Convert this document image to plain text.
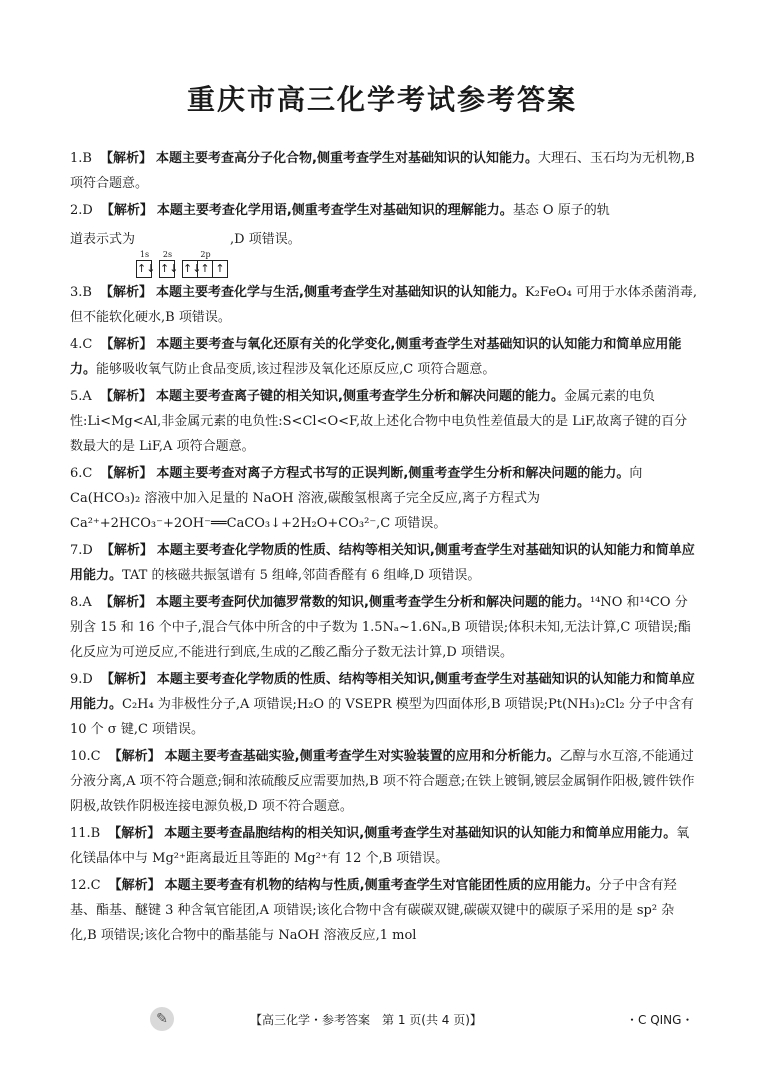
重庆市高三化学考试参考答案
1.B 【解析】 本题主要考查高分子化合物,侧重考查学生对基础知识的认知能力。大理石、玉石均为无机物,B 项符合题意。
2.D 【解析】 本题主要考查化学用语,侧重考查学生对基础知识的理解能力。基态 O 原子的轨
道表示式为
1s
↑↓
2s
↑↓
2p
↑↓
↑ ↑
,D 项错误。
3.B 【解析】 本题主要考查化学与生活,侧重考查学生对基础知识的认知能力。K₂FeO₄ 可用于水体杀菌消毒,但不能软化硬水,B 项错误。
4.C 【解析】 本题主要考查与氧化还原有关的化学变化,侧重考查学生对基础知识的认知能力和简单应用能力。能够吸收氧气防止食品变质,该过程涉及氧化还原反应,C 项符合题意。
5.A 【解析】 本题主要考查离子键的相关知识,侧重考查学生分析和解决问题的能力。金属元素的电负性:Li<Mg<Al,非金属元素的电负性:S<Cl<O<F,故上述化合物中电负性差值最大的是 LiF,故离子键的百分数最大的是 LiF,A 项符合题意。
6.C 【解析】 本题主要考查对离子方程式书写的正误判断,侧重考查学生分析和解决问题的能力。向Ca(HCO₃)₂ 溶液中加入足量的 NaOH 溶液,碳酸氢根离子完全反应,离子方程式为Ca²⁺+2HCO₃⁻+2OH⁻══CaCO₃↓+2H₂O+CO₃²⁻,C 项错误。
7.D 【解析】 本题主要考查化学物质的性质、结构等相关知识,侧重考查学生对基础知识的认知能力和简单应用能力。TAT 的核磁共振氢谱有 5 组峰,邻茴香醛有 6 组峰,D 项错误。
8.A 【解析】 本题主要考查阿伏加德罗常数的知识,侧重考查学生分析和解决问题的能力。¹⁴NO 和¹⁴CO 分别含 15 和 16 个中子,混合气体中所含的中子数为 1.5Nₐ~1.6Nₐ,B 项错误;体积未知,无法计算,C 项错误;酯化反应为可逆反应,不能进行到底,生成的乙酸乙酯分子数无法计算,D 项错误。
9.D 【解析】 本题主要考查化学物质的性质、结构等相关知识,侧重考查学生对基础知识的认知能力和简单应用能力。C₂H₄ 为非极性分子,A 项错误;H₂O 的 VSEPR 模型为四面体形,B 项错误;Pt(NH₃)₂Cl₂ 分子中含有 10 个 σ 键,C 项错误。
10.C 【解析】 本题主要考查基础实验,侧重考查学生对实验装置的应用和分析能力。乙醇与水互溶,不能通过分液分离,A 项不符合题意;铜和浓硫酸反应需要加热,B 项不符合题意;在铁上镀铜,镀层金属铜作阳极,镀件铁作阴极,故铁作阴极连接电源负极,D 项不符合题意。
11.B 【解析】 本题主要考查晶胞结构的相关知识,侧重考查学生对基础知识的认知能力和简单应用能力。氧化镁晶体中与 Mg²⁺距离最近且等距的 Mg²⁺有 12 个,B 项错误。
12.C 【解析】 本题主要考查有机物的结构与性质,侧重考查学生对官能团性质的应用能力。分子中含有羟基、酯基、醚键 3 种含氧官能团,A 项错误;该化合物中含有碳碳双键,碳碳双键中的碳原子采用的是 sp² 杂化,B 项错误;该化合物中的酯基能与 NaOH 溶液反应,1 mol
✎	【高三化学・参考答案　第 1 页(共 4 页)】	・C QING・
